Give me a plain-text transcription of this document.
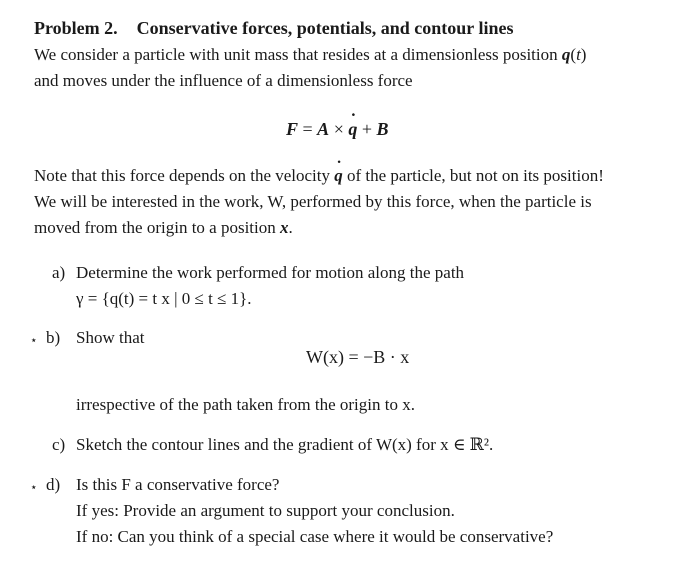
Problem 2. Conservative forces, potentials, and contour lines
We consider a particle with unit mass that resides at a dimensionless position q(t)
and moves under the influence of a dimensionless force
F = A × q ˙ + B
Note that this force depends on the velocity q ˙ of the particle, but not on its position!
We will be interested in the work, W, performed by this force, when the particle is
moved from the origin to a position x.
a) Determine the work performed for motion along the path
γ = {q(t) = t x | 0 ≤ t ≤ 1}.
⋆ b) Show that
W(x) = −B · x
irrespective of the path taken from the origin to x.
c) Sketch the contour lines and the gradient of W(x) for x ∈ ℝ².
⋆ d) Is this F a conservative force?
If yes: Provide an argument to support your conclusion.
If no: Can you think of a special case where it would be conservative?
